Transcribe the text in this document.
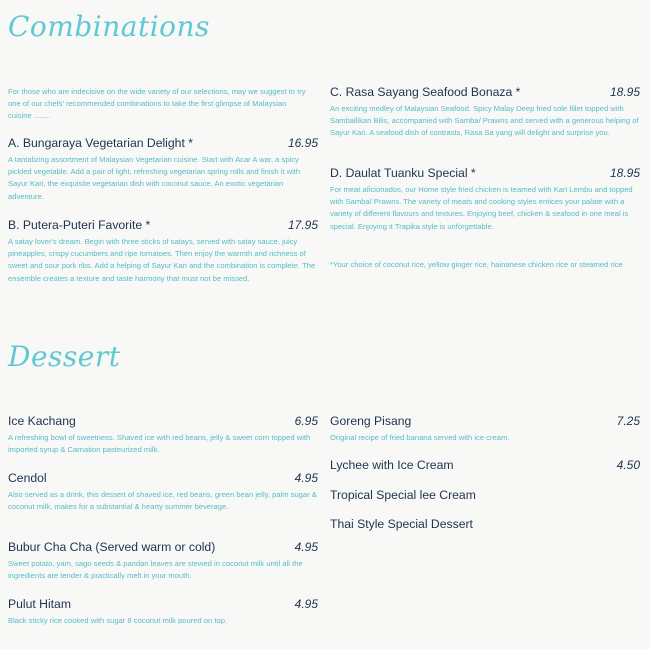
Combinations

For those who are indecisive on the wide variety of our selections, may we suggest to try one of our chefs' recommended combinations to take the first glimpse of Malaysian cuisine ........

A. Bungaraya Vegetarian Delight *	16.95

A tantalizing assortment of Malaysian Vegetarian cuisine. Start with Acar A war, a spicy pickled vegetable. Add a pair of light, refreshing vegetarian spring rolls and finish it with Sayur Kari, the exquisite vegetarian dish with coconut sauce. An exotic vegetarian adventure.

B. Putera-Puteri Favorite *	17.95

A satay lover's dream. Begin with three sticks of satays, served with satay sauce, juicy pineapples, crispy cucumbers and ripe tomatoes. Then enjoy the warmth and richness of sweet and sour pork ribs. Add a helping of Sayur Kari and the combination is complete. The ensemble creates a texture and taste harmony that must not be missed.

C. Rasa Sayang Seafood Bonaza *	18.95

An exciting medley of Malaysian Seafood. Spicy Malay Deep fried sole fillet topped with Samballikan Bilis, accompanied with Samba/ Prawns and served with a generous helping of Sayur Kari. A seafood dish of contrasts, Rasa Sa yang will delight and surprise you.

D. Daulat Tuanku Special *	18.95

For meat aficionados, our Home style fried chicken is teamed with Kari Lembu and topped with Samba/ Prawns. The variety of meats and cooking styles entices your palate with a variety of different flavours and textures. Enjoying beef, chicken & seafood in one meal is special. Enjoying it Trapika style is unforgettable.

*Your choice of coconut rice, yellow ginger rice, hainanese chicken rice or steamed rice

Dessert
Ice Kachang	6.95

A refreshing bowl of sweetness. Shaved ice with red beans, jelly & sweet corn topped with imported syrup & Carnation pasteurized milk.

Cendol	4.95

Also served as a drink, this dessert of shaved ice, red beans, green bean jelly, palm sugar & coconut milk, makes for a substantial & hearty summer beverage.

Bubur Cha Cha (Served warm or cold)	4.95

Sweet potato, yam, sago seeds & pandan leaves are stewed in coconut milk until all the ingredients are tender & practically melt in your mouth.

Pulut Hitam	4.95

Black sticky rice cooked with sugar 8 coconut milk poured on top.

Goreng Pisang	7.25

Original recipe of fried banana served with ice cream.

Lychee with Ice Cream	4.50
Tropical Special lee Cream
Thai Style Special Dessert
